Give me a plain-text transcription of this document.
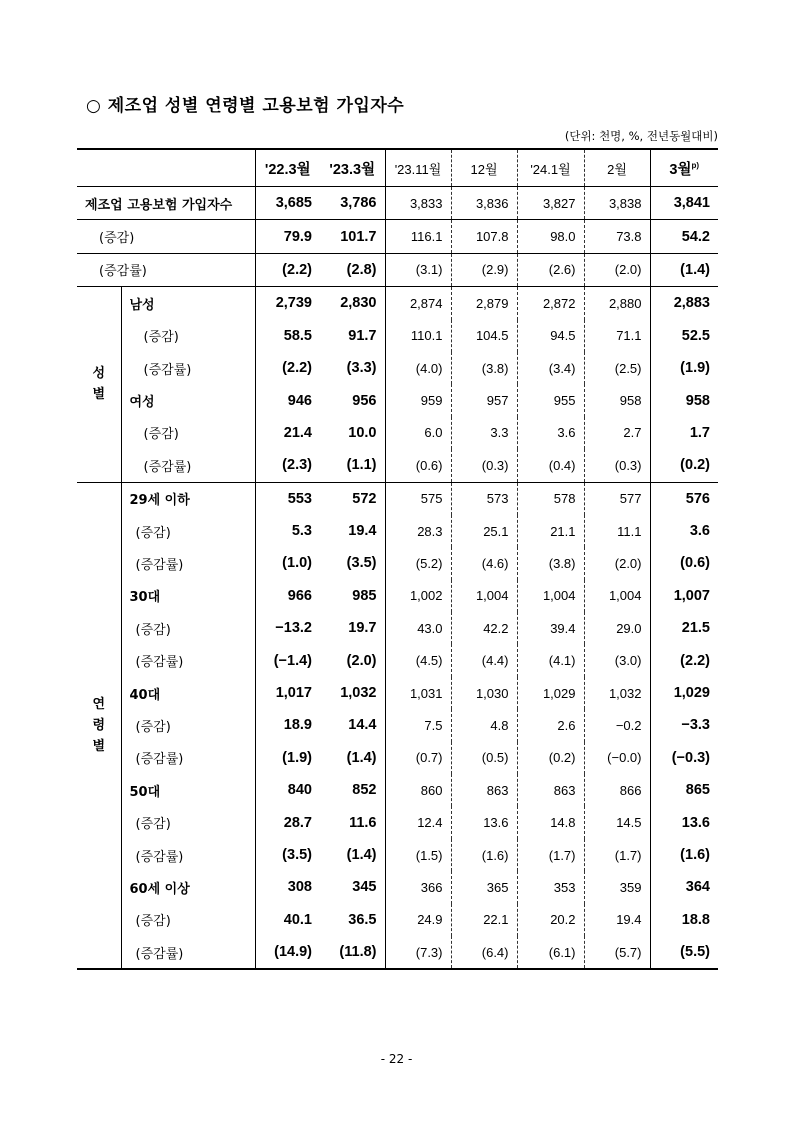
○ 제조업 성별 연령별 고용보험 가입자수
(단위: 천명, %, 전년동월대비)
		'22.3월	'23.3월	'23.11월	12월	'24.1월	2월	3월$^{p)}$
제조업 고용보험 가입자수		3,685	3,786	3,833	3,836	3,827	3,838	3,841
(증감)		79.9	101.7	116.1	107.8	98.0	73.8	54.2
(증감률)		(2.2)	(2.8)	(3.1)	(2.9)	(2.6)	(2.0)	(1.4)

성
별	남성	2,739	2,830	2,874	2,879	2,872	2,880	2,883
	(증감)	58.5	91.7	110.1	104.5	94.5	71.1	52.5
	(증감률)	(2.2)	(3.3)	(4.0)	(3.8)	(3.4)	(2.5)	(1.9)
	여성	946	956	959	957	955	958	958
	(증감)	21.4	10.0	6.0	3.3	3.6	2.7	1.7
	(증감률)	(2.3)	(1.1)	(0.6)	(0.3)	(0.4)	(0.3)	(0.2)

연
령
별	29세 이하	553	572	575	573	578	577	576
	(증감)	5.3	19.4	28.3	25.1	21.1	11.1	3.6
	(증감률)	(1.0)	(3.5)	(5.2)	(4.6)	(3.8)	(2.0)	(0.6)
	30대	966	985	1,002	1,004	1,004	1,004	1,007
	(증감)	−13.2	19.7	43.0	42.2	39.4	29.0	21.5
	(증감률)	(−1.4)	(2.0)	(4.5)	(4.4)	(4.1)	(3.0)	(2.2)
	40대	1,017	1,032	1,031	1,030	1,029	1,032	1,029
	(증감)	18.9	14.4	7.5	4.8	2.6	−0.2	−3.3
	(증감률)	(1.9)	(1.4)	(0.7)	(0.5)	(0.2)	(−0.0)	(−0.3)
	50대	840	852	860	863	863	866	865
	(증감)	28.7	11.6	12.4	13.6	14.8	14.5	13.6
	(증감률)	(3.5)	(1.4)	(1.5)	(1.6)	(1.7)	(1.7)	(1.6)
	60세 이상	308	345	366	365	353	359	364
	(증감)	40.1	36.5	24.9	22.1	20.2	19.4	18.8
	(증감률)	(14.9)	(11.8)	(7.3)	(6.4)	(6.1)	(5.7)	(5.5)
- 22 -
